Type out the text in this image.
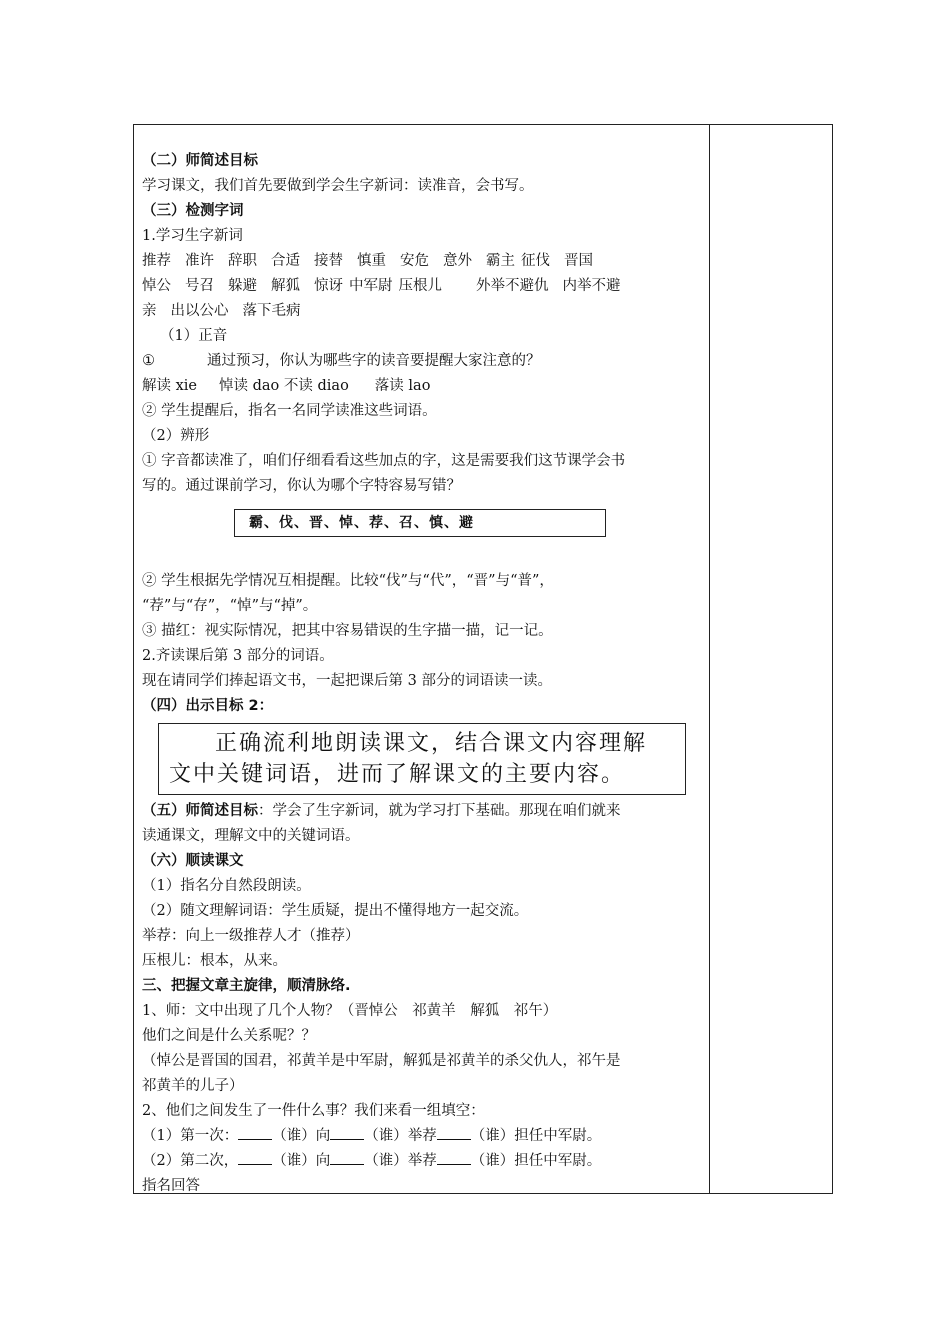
（二）师简述目标
学习课文，我们首先要做到学会生字新词：读准音，会书写。
（三）检测字词
1.学习生字新词
推荐 准许 辞职 合适 接替 慎重 安危 意外 霸主 征伐 晋国
悼公 号召 躲避 解狐 惊讶 中军尉 压根儿 外举不避仇 内举不避
亲 出以公心 落下毛病
（1）正音
①	通过预习，你认为哪些字的读音要提醒大家注意的？
解读 xie 悼读 dao 不读 diao 落读 lao
② 学生提醒后，指名一名同学读准这些词语。
（2）辨形
① 字音都读准了，咱们仔细看看这些加点的字，这是需要我们这节课学会书
写的。通过课前学习，你认为哪个字特容易写错？
霸、伐、晋、悼、荐、召、慎、避
② 学生根据先学情况互相提醒。比较“伐”与“代”，“晋”与“普”，
“荐”与“存”，“悼”与“掉”。
③ 描红：视实际情况，把其中容易错误的生字描一描，记一记。
2.齐读课后第 3 部分的词语。
现在请同学们捧起语文书，一起把课后第 3 部分的词语读一读。
（四）出示目标 2：
正确流利地朗读课文，结合课文内容理解
文中关键词语，进而了解课文的主要内容。
（五）师简述目标：学会了生字新词，就为学习打下基础。那现在咱们就来
读通课文，理解文中的关键词语。
（六）顺读课文
（1）指名分自然段朗读。
（2）随文理解词语：学生质疑，提出不懂得地方一起交流。
举荐：向上一级推荐人才（推荐）
压根儿：根本，从来。
三、把握文章主旋律，顺清脉络.
1、师：文中出现了几个人物？（晋悼公　祁黄羊　解狐　祁午）
他们之间是什么关系呢？？
（悼公是晋国的国君，祁黄羊是中军尉，解狐是祁黄羊的杀父仇人，祁午是
祁黄羊的儿子）
2、他们之间发生了一件什么事？我们来看一组填空：
（1）第一次： （谁）向 （谁）举荐 （谁）担任中军尉。
（2）第二次， （谁）向 （谁）举荐 （谁）担任中军尉。
指名回答
